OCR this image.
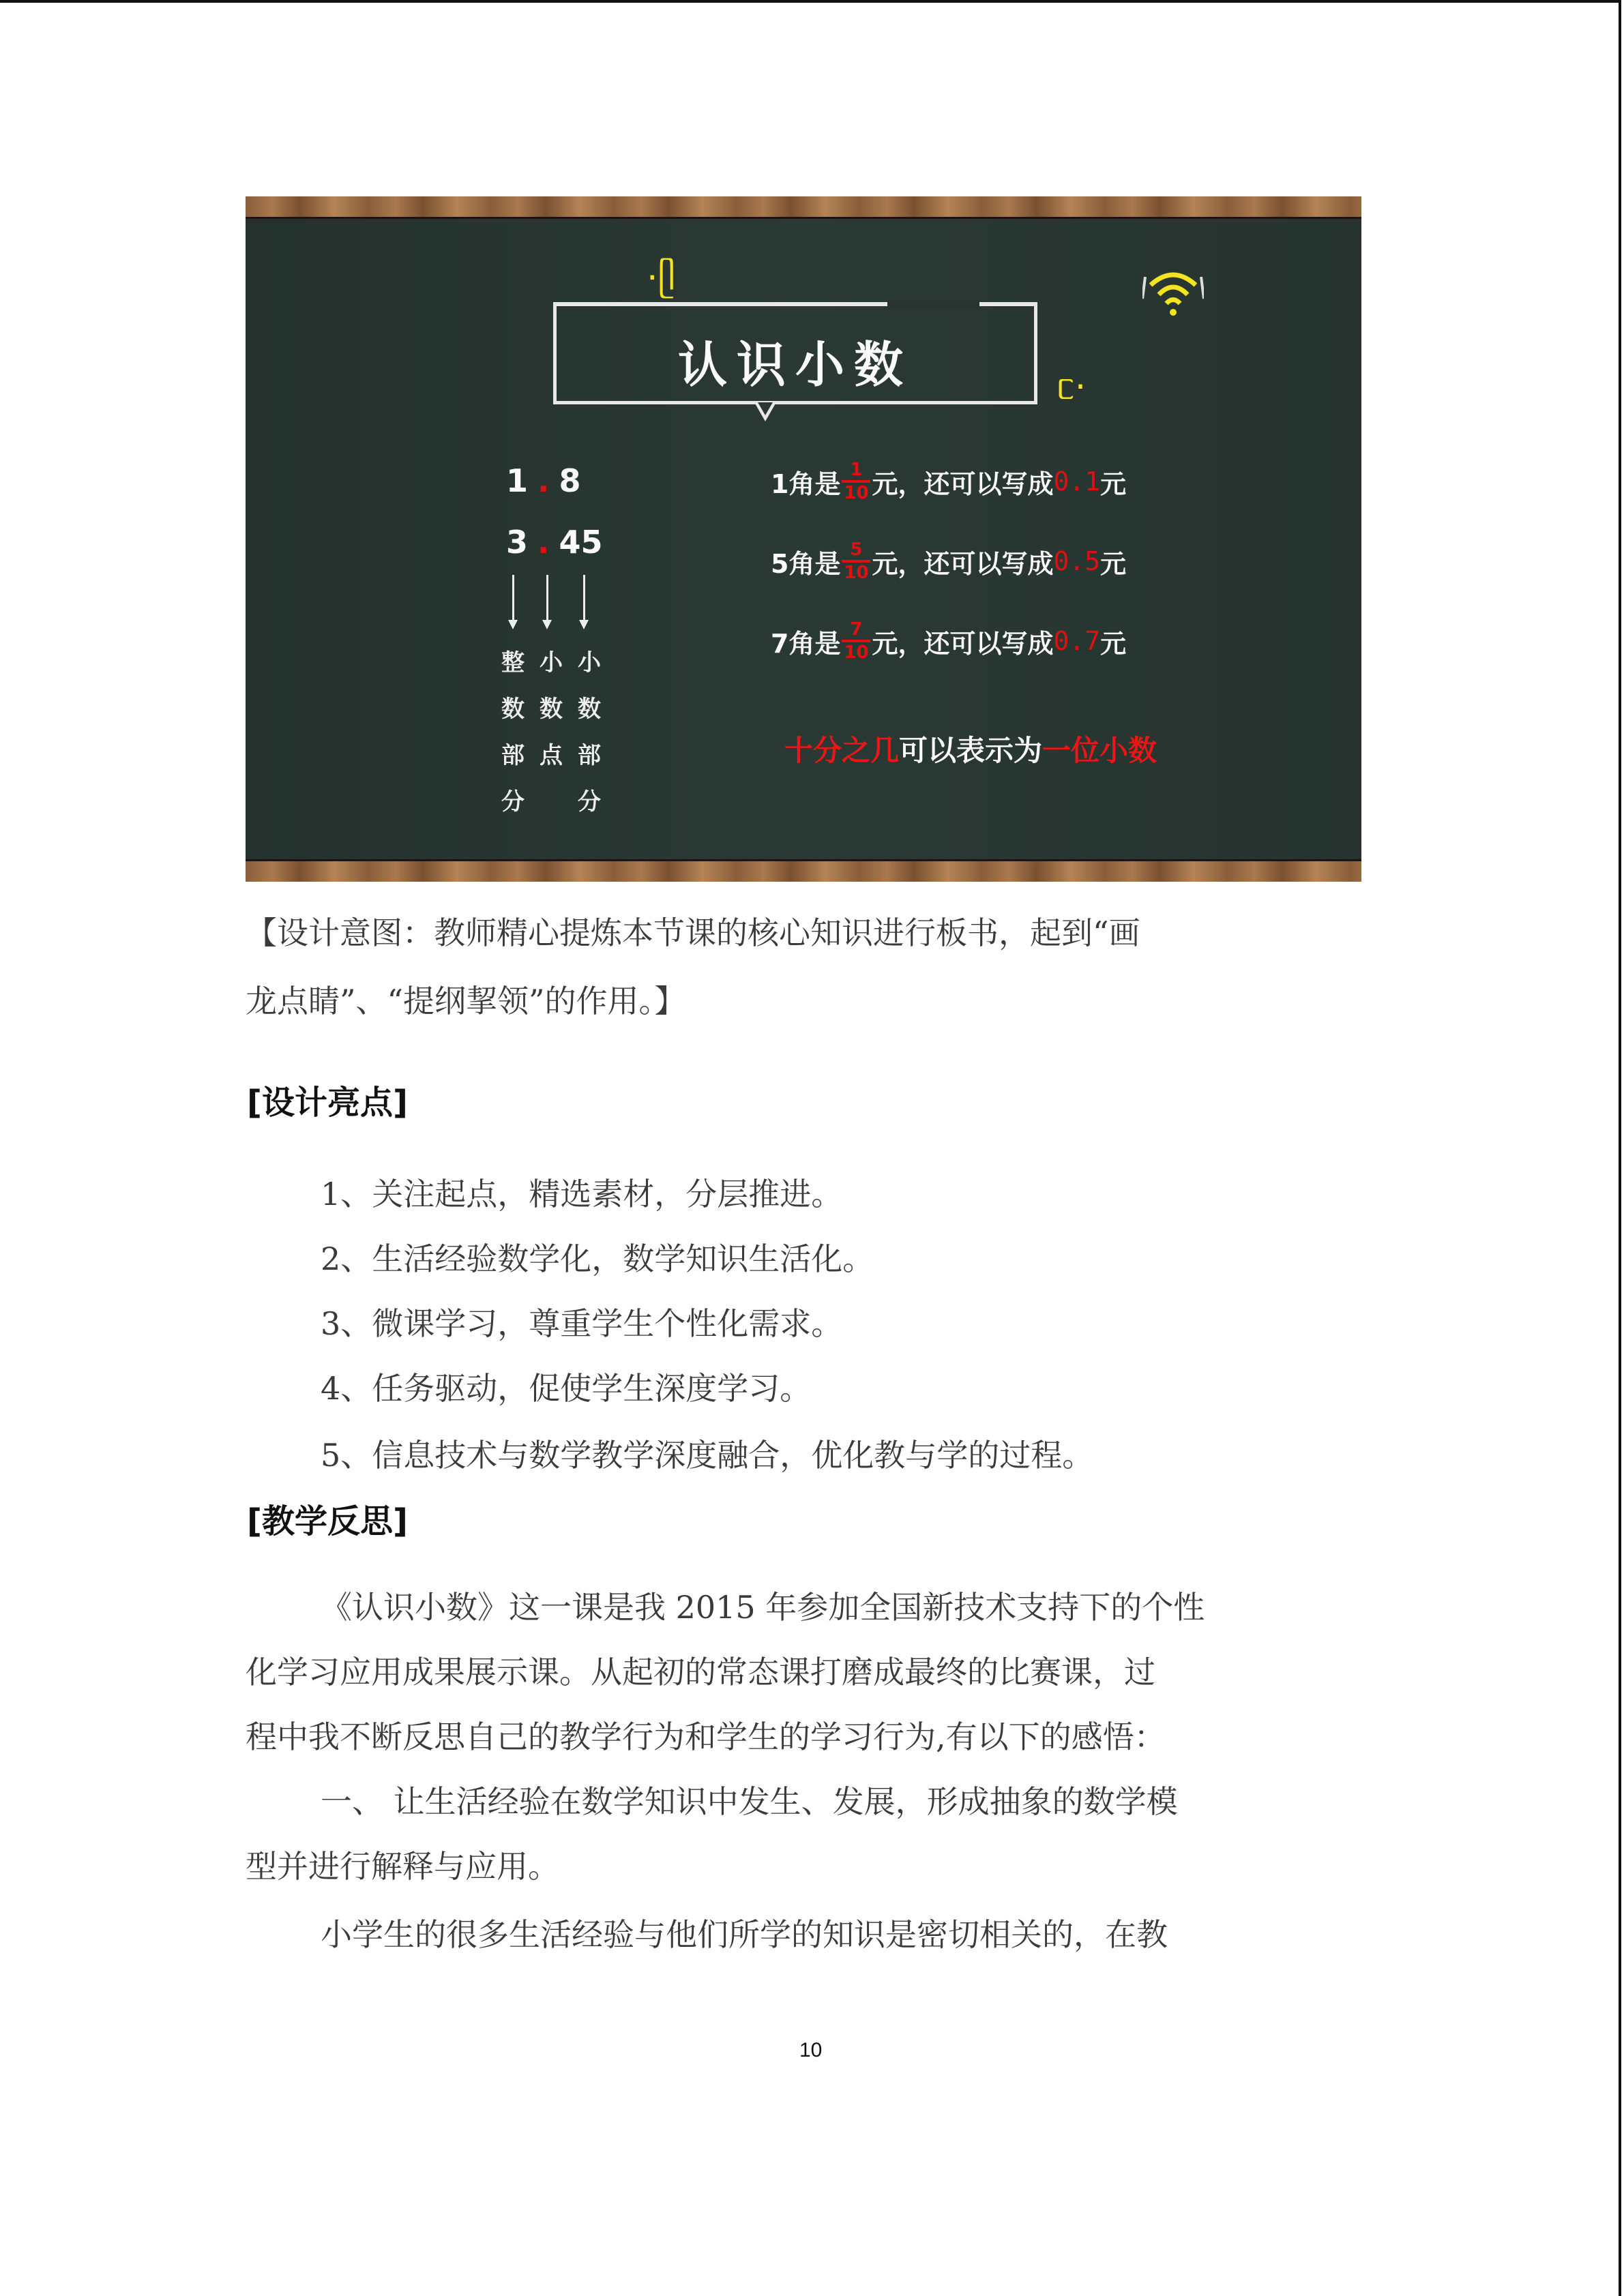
·ᥫ
ᥴ·
认识小数
1 . 8
3 . 45
整
数
部
分
小
数
点

小
数
部
分
1角是 $\frac{1}{10}$ 元，还可以写成 0.1 元
5角是 $\frac{5}{10}$ 元，还可以写成 0.5 元
7角是 $\frac{7}{10}$ 元，还可以写成 0.7 元
十分之几可以表示为一位小数
【设计意图：教师精心提炼本节课的核心知识进行板书，起到“画
龙点睛”、“提纲挈领”的作用。】
[设计亮点]
1、关注起点，精选素材，分层推进。
2、生活经验数学化，数学知识生活化。
3、微课学习，尊重学生个性化需求。
4、任务驱动，促使学生深度学习。
5、信息技术与数学教学深度融合，优化教与学的过程。
[教学反思]
《认识小数》这一课是我 2015 年参加全国新技术支持下的个性
化学习应用成果展示课。从起初的常态课打磨成最终的比赛课，过
程中我不断反思自己的教学行为和学生的学习行为,有以下的感悟：
一、 让生活经验在数学知识中发生、发展，形成抽象的数学模
型并进行解释与应用。
小学生的很多生活经验与他们所学的知识是密切相关的，在教
10
